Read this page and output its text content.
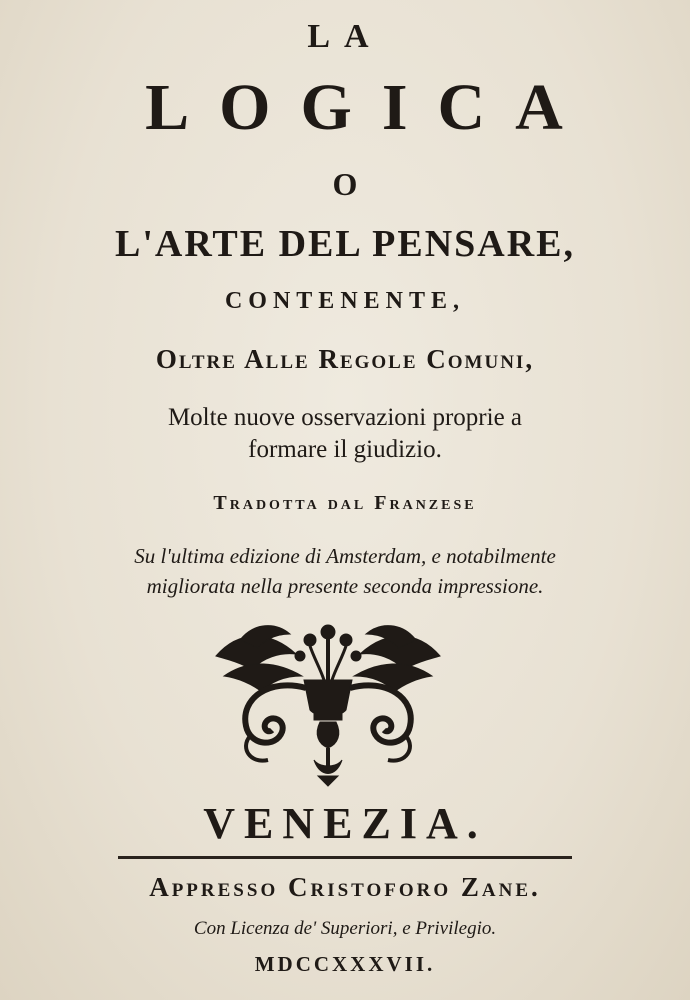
LA
LOGICA
O
L'ARTE DEL PENSARE,
CONTENENTE,
Oltre Alle Regole Comuni,
Molte nuove osservazioni proprie a
formare il giudizio.
Tradotta dal Franzese
Su l'ultima edizione di Amsterdam, e notabilmente
migliorata nella presente seconda impressione.
VENEZIA.
Appresso Cristoforo Zane.
Con Licenza de' Superiori, e Privilegio.
MDCCXXXVII.
